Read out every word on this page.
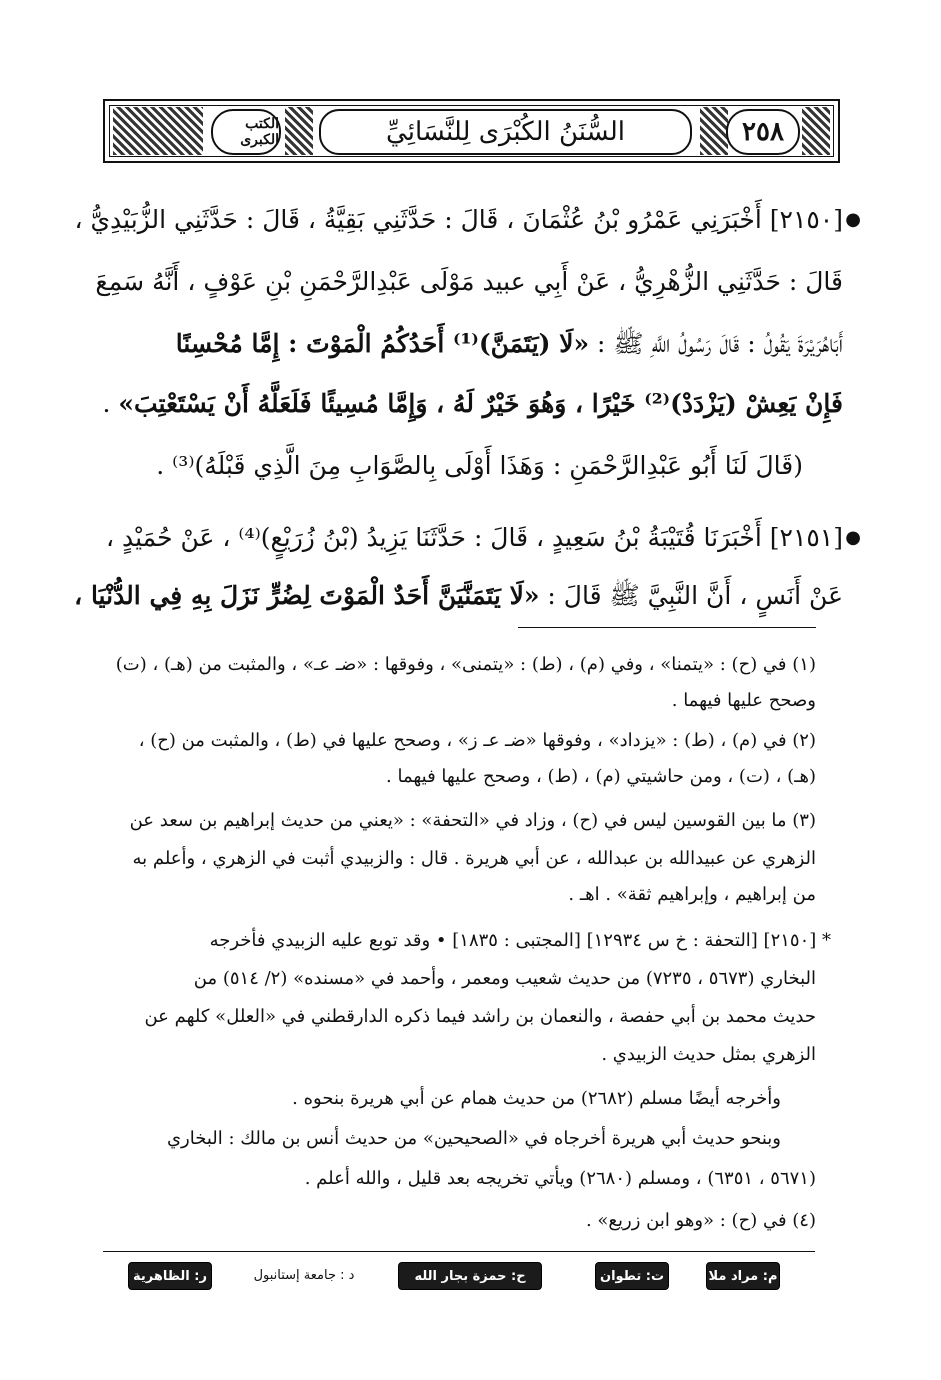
الكتب الكبرى	السُّنَنُ الكُبْرَى لِلنَّسَائِيِّ	٢٥٨
●
[٢١٥٠] أَخْبَرَنِي عَمْرُو بْنُ عُثْمَانَ ، قَالَ : حَدَّثَنِي بَقِيَّةُ ، قَالَ : حَدَّثَنِي الزُّبَيْدِيُّ ،
قَالَ : حَدَّثَنِي الزُّهْرِيُّ ، عَنْ أَبِي عبيد مَوْلَى عَبْدِالرَّحْمَنِ بْنِ عَوْفٍ ، أَنَّهُ سَمِعَ
أَبَاهُرَيْرَةَ يَقُولُ : قَالَ رَسُولُ اللَّهِ ﷺ : «لَا (يَتَمَنَّ)⁽¹⁾ أَحَدُكُمُ الْمَوْتَ : إِمَّا مُحْسِنًا
فَإِنْ يَعِشْ (يَزْدَدْ)⁽²⁾ خَيْرًا ، وَهُوَ خَيْرٌ لَهُ ، وَإِمَّا مُسِيئًا فَلَعَلَّهُ أَنْ يَسْتَعْتِبَ» .
(قَالَ لَنَا أَبُو عَبْدِالرَّحْمَنِ : وَهَذَا أَوْلَى بِالصَّوَابِ مِنَ الَّذِي قَبْلَهُ)⁽³⁾ .
●
[٢١٥١] أَخْبَرَنَا قُتَيْبَةُ بْنُ سَعِيدٍ ، قَالَ : حَدَّثَنَا يَزِيدُ (بْنُ زُرَيْعٍ)⁽⁴⁾ ، عَنْ حُمَيْدٍ ،
عَنْ أَنَسٍ ، أَنَّ النَّبِيَّ ﷺ قَالَ : «لَا يَتَمَنَّيَنَّ أَحَدٌ الْمَوْتَ لِضُرٍّ نَزَلَ بِهِ فِي الدُّنْيَا ،
(١) في (ح) : «يتمنا» ، وفي (م) ، (ط) : «يتمنى» ، وفوقها : «ضـ عـ» ، والمثبت من (هـ) ، (ت)
وصحح عليها فيهما .
(٢) في (م) ، (ط) : «يزداد» ، وفوقها «ضـ عـ ز» ، وصحح عليها في (ط) ، والمثبت من (ح) ،
(هـ) ، (ت) ، ومن حاشيتي (م) ، (ط) ، وصحح عليها فيهما .
(٣) ما بين القوسين ليس في (ح) ، وزاد في «التحفة» : «يعني من حديث إبراهيم بن سعد عن
الزهري عن عبيدالله بن عبدالله ، عن أبي هريرة . قال : والزبيدي أثبت في الزهري ، وأعلم به
من إبراهيم ، وإبراهيم ثقة» . اهـ .
* [٢١٥٠] [التحفة : خ س ١٢٩٣٤] [المجتبى : ١٨٣٥] • وقد توبع عليه الزبيدي فأخرجه
البخاري (٥٦٧٣ ، ٧٢٣٥) من حديث شعيب ومعمر ، وأحمد في «مسنده» (٢/ ٥١٤) من
حديث محمد بن أبي حفصة ، والنعمان بن راشد فيما ذكره الدارقطني في «العلل» كلهم عن
الزهري بمثل حديث الزبيدي .
وأخرجه أيضًا مسلم (٢٦٨٢) من حديث همام عن أبي هريرة بنحوه .
وبنحو حديث أبي هريرة أخرجاه في «الصحيحين» من حديث أنس بن مالك : البخاري
(٥٦٧١ ، ٦٣٥١) ، ومسلم (٢٦٨٠) ويأتي تخريجه بعد قليل ، والله أعلم .
(٤) في (ح) : «وهو ابن زريع» .
م: مراد ملا
ت: تطوان
ح: حمزة بجار الله
د : جامعة إستانبول
ر: الظاهرية
